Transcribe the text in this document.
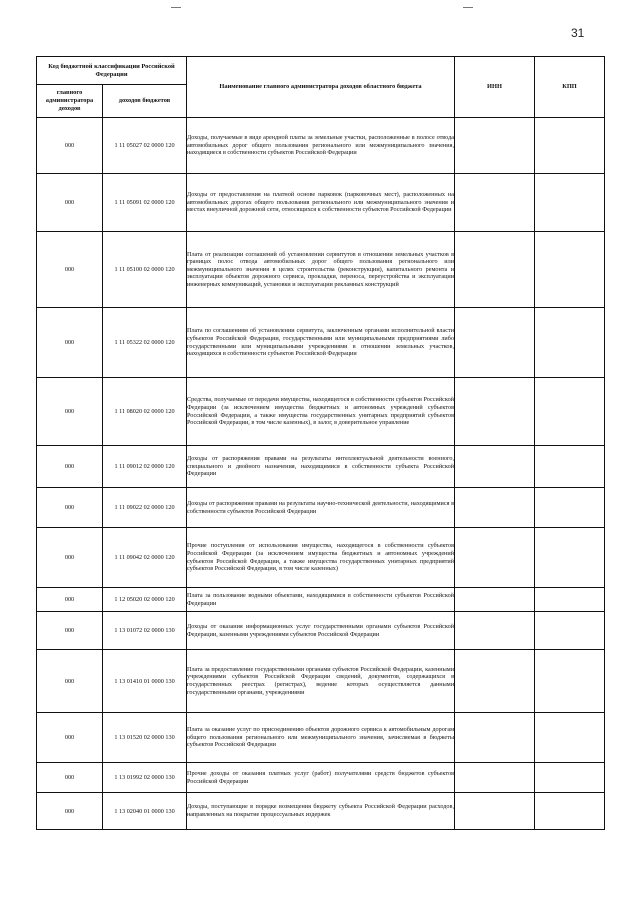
31
Код бюджетной классификации Российской Федерации		Наименование главного администратора доходов областного бюджета	ИНН	КПП
главного администратора доходов	доходов бюджетов			
000	1 11 05027 02 0000 120	Доходы, получаемые в виде арендной платы за земельные участки, расположенные в полосе отвода автомобильных дорог общего пользования регионального или межмуниципального значения, находящиеся в собственности субъектов Российской Федерации		
000	1 11 05091 02 0000 120	Доходы от предоставления на платной основе парковок (парковочных мест), расположенных на автомобильных дорогах общего пользования регионального или межмуниципального значения и местах внеуличной дорожной сети, относящихся к собственности субъектов Российской Федерации		
000	1 11 05100 02 0000 120	Плата от реализации соглашений об установлении сервитутов в отношении земельных участков в границах полос отвода автомобильных дорог общего пользования регионального или межмуниципального значения в целях строительства (реконструкции), капитального ремонта и эксплуатации объектов дорожного сервиса, прокладки, переноса, переустройства и эксплуатации инженерных коммуникаций, установки и эксплуатации рекламных конструкций		
000	1 11 05322 02 0000 120	Плата по соглашениям об установлении сервитута, заключенным органами исполнительной власти субъектов Российской Федерации, государственными или муниципальными предприятиями либо государственными или муниципальными учреждениями в отношении земельных участков, находящихся в собственности субъектов Российской Федерации		
000	1 11 08020 02 0000 120	Средства, получаемые от передачи имущества, находящегося в собственности субъектов Российской Федерации (за исключением имущества бюджетных и автономных учреждений субъектов Российской Федерации, а также имущества государственных унитарных предприятий субъектов Российской Федерации, в том числе казенных), в залог, в доверительное управление		
000	1 11 09012 02 0000 120	Доходы от распоряжения правами на результаты интеллектуальной деятельности военного, специального и двойного назначения, находящимися в собственности субъекта Российской Федерации		
000	1 11 09022 02 0000 120	Доходы от распоряжения правами на результаты научно-технической деятельности, находящимися в собственности субъектов Российской Федерации		
000	1 11 09042 02 0000 120	Прочие поступления от использования имущества, находящегося в собственности субъектов Российской Федерации (за исключением имущества бюджетных и автономных учреждений субъектов Российской Федерации, а также имущества государственных унитарных предприятий субъектов Российской Федерации, в том числе казенных)		
000	1 12 05020 02 0000 120	Плата за пользование водными объектами, находящимися в собственности субъектов Российской Федерации		
000	1 13 01072 02 0000 130	Доходы от оказания информационных услуг государственными органами субъектов Российской Федерации, казенными учреждениями субъектов Российской Федерации		
000	1 13 01410 01 0000 130	Плата за предоставление государственными органами субъектов Российской Федерации, казенными учреждениями субъектов Российской Федерации сведений, документов, содержащихся в государственных реестрах (регистрах), ведение которых осуществляется данными государственными органами, учреждениями		
000	1 13 01520 02 0000 130	Плата за оказание услуг по присоединению объектов дорожного сервиса к автомобильным дорогам общего пользования регионального или межмуниципального значения, зачисляемая в бюджеты субъектов Российской Федерации		
000	1 13 01992 02 0000 130	Прочие доходы от оказания платных услуг (работ) получателями средств бюджетов субъектов Российской Федерации		
000	1 13 02040 01 0000 130	Доходы, поступающие в порядке возмещения бюджету субъекта Российской Федерации расходов, направленных на покрытие процессуальных издержек		
